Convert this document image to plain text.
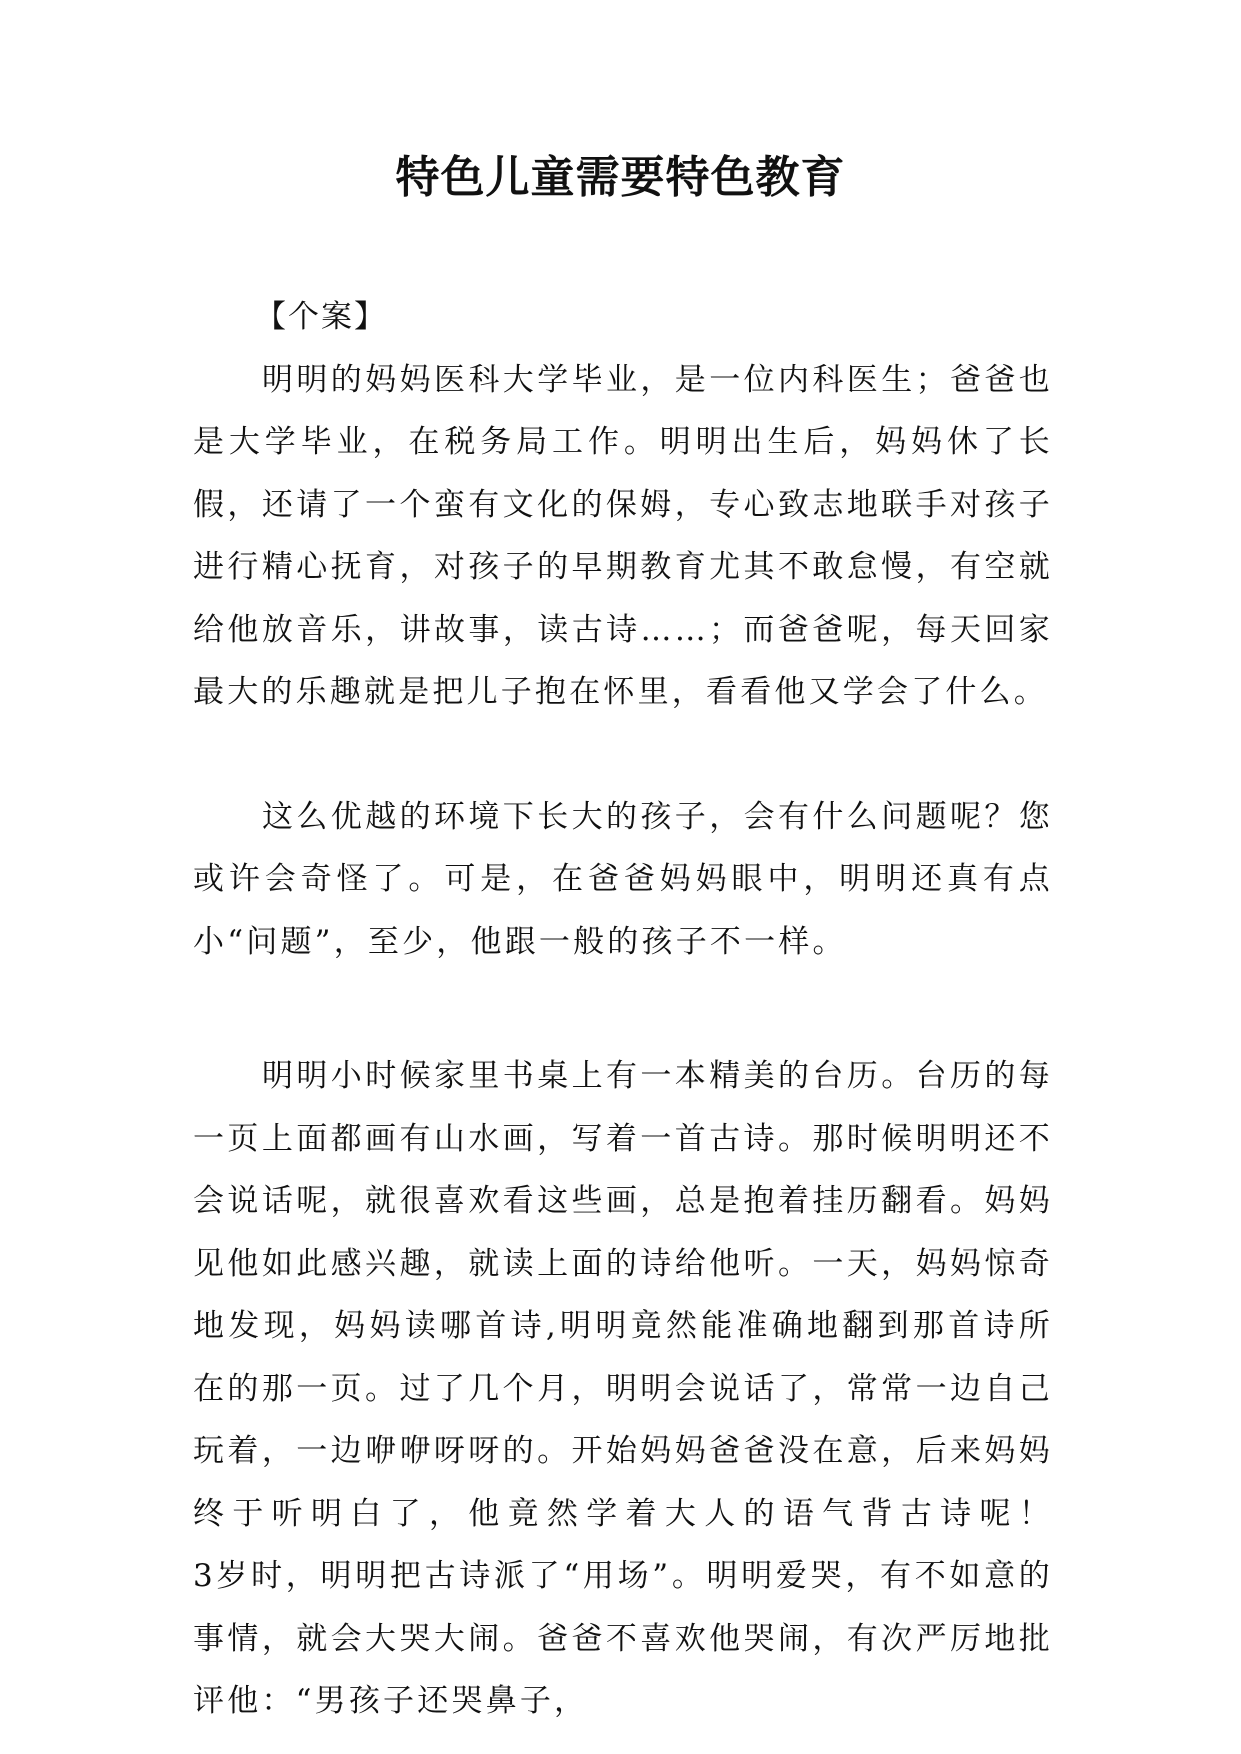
特色儿童需要特色教育

【个案】

明明的妈妈医科大学毕业，是一位内科医生；爸爸也是大学毕业，在税务局工作。明明出生后，妈妈休了长假，还请了一个蛮有文化的保姆，专心致志地联手对孩子进行精心抚育，对孩子的早期教育尤其不敢怠慢，有空就给他放音乐，讲故事，读古诗……；而爸爸呢，每天回家最大的乐趣就是把儿子抱在怀里，看看他又学会了什么。

这么优越的环境下长大的孩子，会有什么问题呢？您或许会奇怪了。可是，在爸爸妈妈眼中，明明还真有点小“问题”，至少，他跟一般的孩子不一样。

明明小时候家里书桌上有一本精美的台历。台历的每一页上面都画有山水画，写着一首古诗。那时候明明还不会说话呢，就很喜欢看这些画，总是抱着挂历翻看。妈妈见他如此感兴趣，就读上面的诗给他听。一天，妈妈惊奇地发现，妈妈读哪首诗,明明竟然能准确地翻到那首诗所在的那一页。过了几个月，明明会说话了，常常一边自己玩着，一边咿咿呀呀的。开始妈妈爸爸没在意，后来妈妈终于听明白了，他竟然学着大人的语气背古诗呢！　　　3岁时，明明把古诗派了“用场”。明明爱哭，有不如意的事情，就会大哭大闹。爸爸不喜欢他哭闹，有次严厉地批评他：“男孩子还哭鼻子，
